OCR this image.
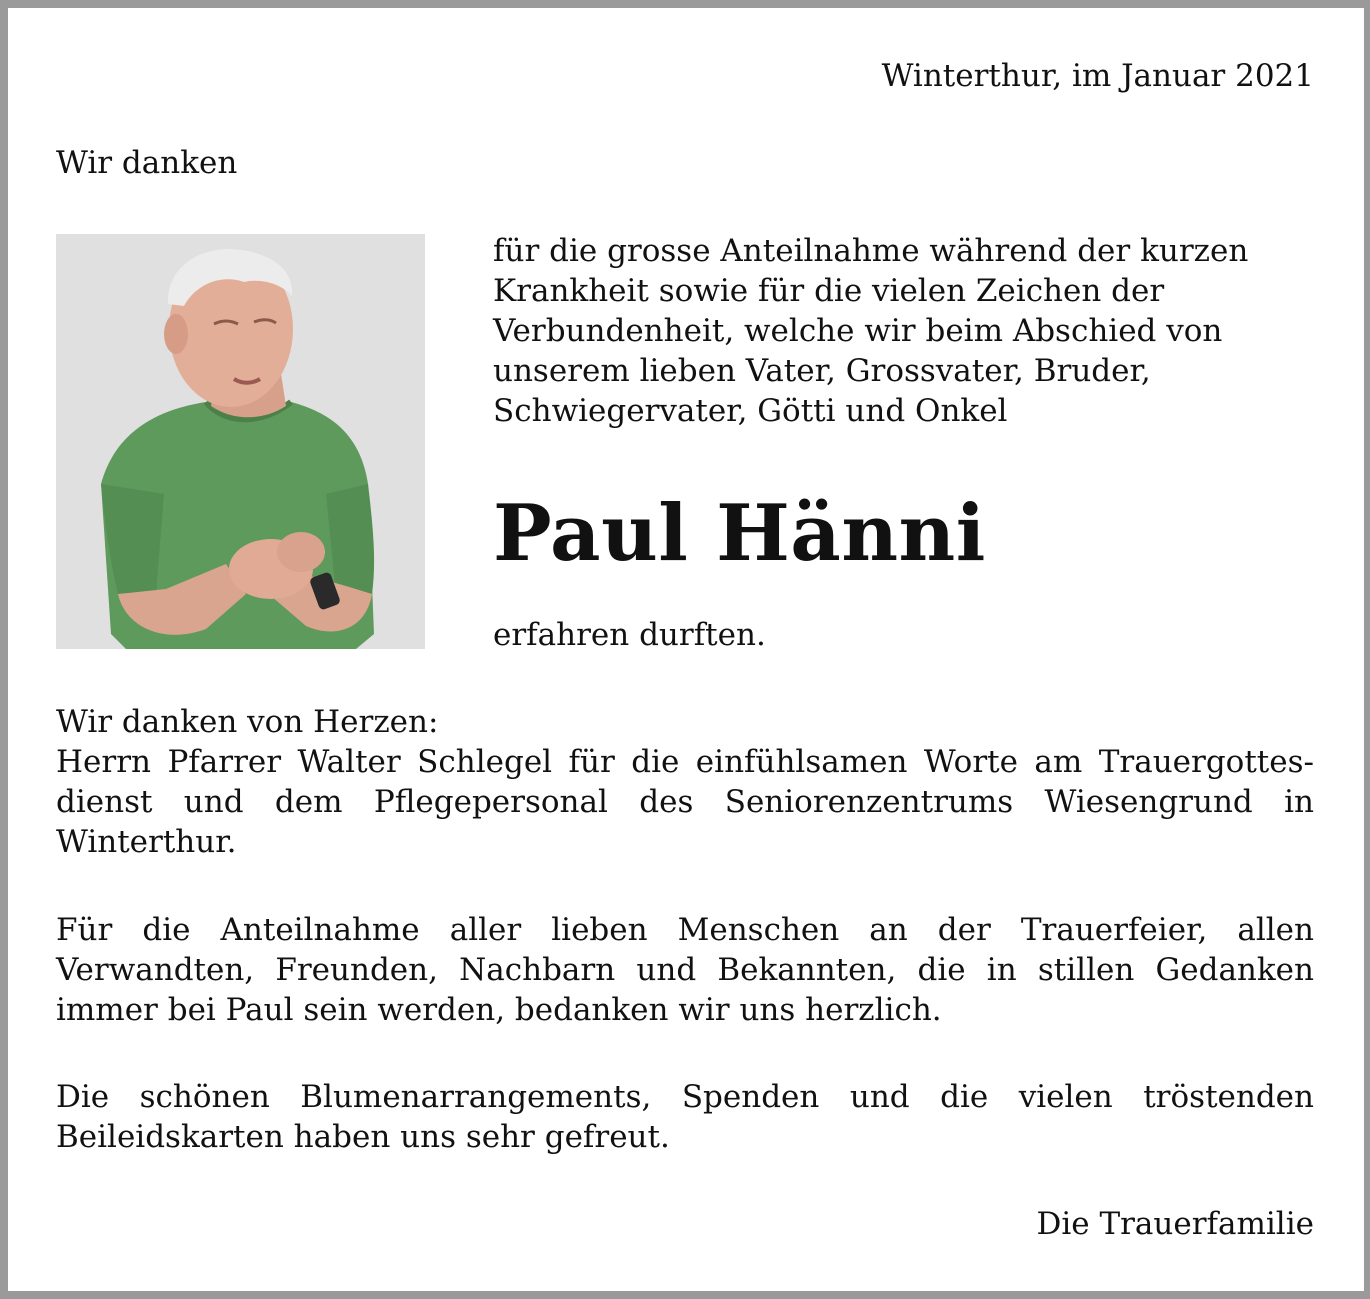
Winterthur, im Januar 2021

Wir danken

für die grosse Anteilnahme während der kurzen
Krankheit sowie für die vielen Zeichen der
Verbundenheit, welche wir beim Abschied von
unserem lieben Vater, Grossvater, Bruder,
Schwiegervater, Götti und Onkel

Paul Hänni

erfahren durften.

Wir danken von Herzen:

Herrn Pfarrer Walter Schlegel für die einfühlsamen Worte am Trauergottes-dienst und dem Pflegepersonal des Seniorenzentrums Wiesengrund in Winterthur.

Für die Anteilnahme aller lieben Menschen an der Trauerfeier, allen Verwandten, Freunden, Nachbarn und Bekannten, die in stillen Gedanken immer bei Paul sein werden, bedanken wir uns herzlich.

Die schönen Blumenarrangements, Spenden und die vielen tröstenden Beileidskarten haben uns sehr gefreut.

Die Trauerfamilie
